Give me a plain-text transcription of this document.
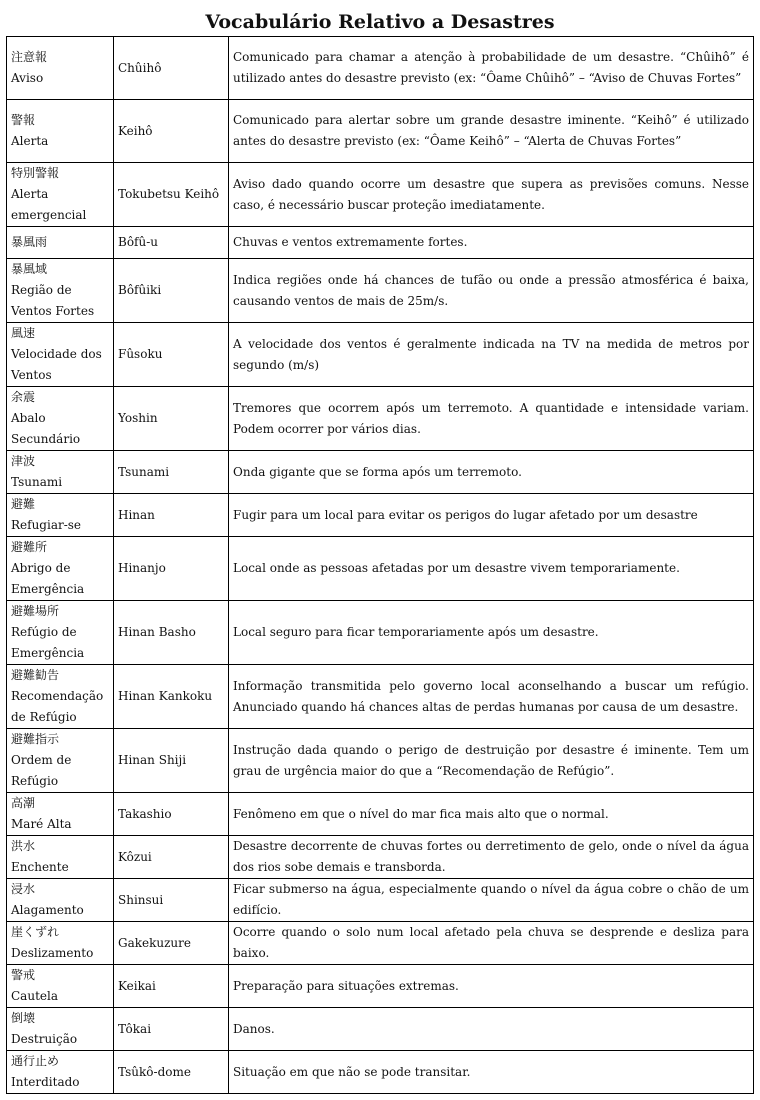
Vocabulário Relativo a Desastres
注意報
Aviso	Chûihô	Comunicado para chamar a atenção à probabilidade de um desastre. “Chûihô” é utilizado antes do desastre previsto (ex: “Ôame Chûihô” – “Aviso de Chuvas Fortes”

警報
Alerta	Keihô	Comunicado para alertar sobre um grande desastre iminente. “Keihô” é utilizado antes do desastre previsto (ex: “Ôame Keihô” – “Alerta de Chuvas Fortes”

特別警報
Alerta emergencial	Tokubetsu Keihô	Aviso dado quando ocorre um desastre que supera as previsões comuns. Nesse caso, é necessário buscar proteção imediatamente.

暴風雨	Bôfû-u	Chuvas e ventos extremamente fortes.

暴風域
Região de Ventos Fortes	Bôfûiki	Indica regiões onde há chances de tufão ou onde a pressão atmosférica é baixa, causando ventos de mais de 25m/s.

風速
Velocidade dos Ventos	Fûsoku	A velocidade dos ventos é geralmente indicada na TV na medida de metros por segundo (m/s)

余震
Abalo Secundário	Yoshin	Tremores que ocorrem após um terremoto. A quantidade e intensidade variam. Podem ocorrer por vários dias.

津波
Tsunami	Tsunami	Onda gigante que se forma após um terremoto.

避難
Refugiar-se	Hinan	Fugir para um local para evitar os perigos do lugar afetado por um desastre

避難所
Abrigo de Emergência	Hinanjo	Local onde as pessoas afetadas por um desastre vivem temporariamente.

避難場所
Refúgio de Emergência	Hinan Basho	Local seguro para ficar temporariamente após um desastre.

避難勧告
Recomendação de Refúgio	Hinan Kankoku	Informação transmitida pelo governo local aconselhando a buscar um refúgio. Anunciado quando há chances altas de perdas humanas por causa de um desastre.

避難指示
Ordem de Refúgio	Hinan Shiji	Instrução dada quando o perigo de destruição por desastre é iminente. Tem um grau de urgência maior do que a “Recomendação de Refúgio”.

高潮
Maré Alta	Takashio	Fenômeno em que o nível do mar fica mais alto que o normal.

洪水
Enchente	Kôzui	Desastre decorrente de chuvas fortes ou derretimento de gelo, onde o nível da água dos rios sobe demais e transborda.

浸水
Alagamento	Shinsui	Ficar submerso na água, especialmente quando o nível da água cobre o chão de um edifício.

崖くずれ
Deslizamento	Gakekuzure	Ocorre quando o solo num local afetado pela chuva se desprende e desliza para baixo.

警戒
Cautela	Keikai	Preparação para situações extremas.

倒壊
Destruição	Tôkai	Danos.

通行止め
Interditado	Tsûkô-dome	Situação em que não se pode transitar.
